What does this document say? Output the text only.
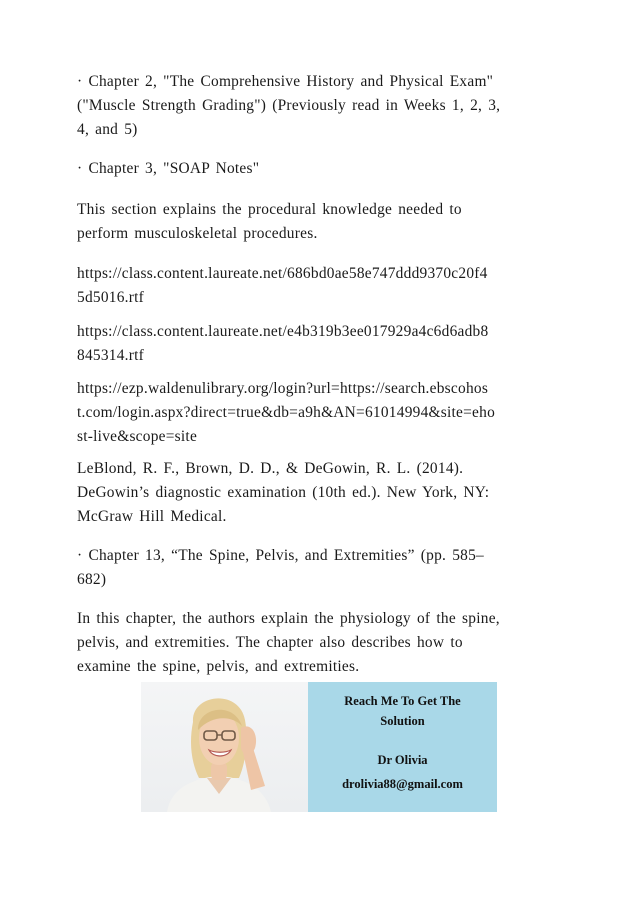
· Chapter 2, "The Comprehensive History and Physical Exam"
("Muscle Strength Grading") (Previously read in Weeks 1, 2, 3,
4, and 5)

· Chapter 3, "SOAP Notes"

This section explains the procedural knowledge needed to
perform musculoskeletal procedures.

https://class.content.laureate.net/686bd0ae58e747ddd9370c20f4
5d5016.rtf

https://class.content.laureate.net/e4b319b3ee017929a4c6d6adb8
845314.rtf

https://ezp.waldenulibrary.org/login?url=https://search.ebscohos
t.com/login.aspx?direct=true&db=a9h&AN=61014994&site=eho
st-live&scope=site

LeBlond, R. F., Brown, D. D., & DeGowin, R. L. (2014).
DeGowin’s diagnostic examination (10th ed.). New York, NY:
McGraw Hill Medical.

· Chapter 13, “The Spine, Pelvis, and Extremities” (pp. 585–
682)

In this chapter, the authors explain the physiology of the spine,
pelvis, and extremities. The chapter also describes how to
examine the spine, pelvis, and extremities.

Reach Me To Get The
Solution
Dr Olivia
drolivia88@gmail.com
